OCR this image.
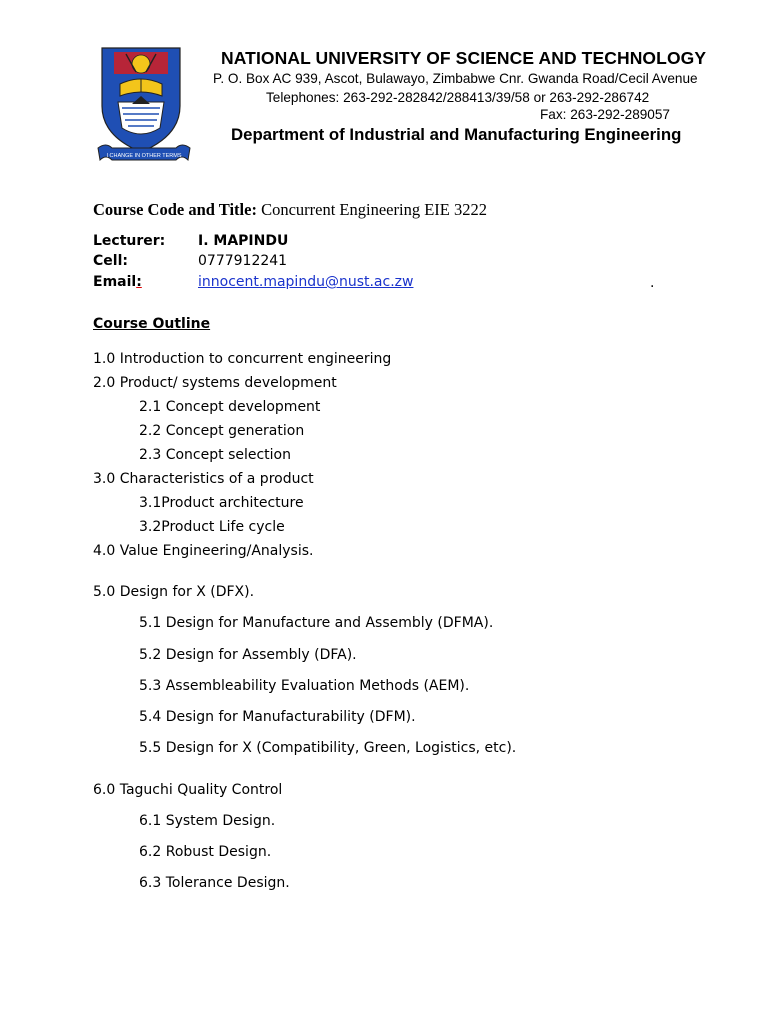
I CHANGE IN OTHER TERMS
NATIONAL UNIVERSITY OF SCIENCE AND TECHNOLOGY
P. O. Box AC 939, Ascot, Bulawayo, Zimbabwe Cnr. Gwanda Road/Cecil Avenue
Telephones: 263-292-282842/288413/39/58 or 263-292-286742
Fax: 263-292-289057
Department of Industrial and Manufacturing Engineering
Course Code and Title: Concurrent Engineering EIE 3222
Lecturer: I. MAPINDU
Cell:	0777912241
Email:	innocent.mapindu@nust.ac.zw	.
Course Outline
1.0 Introduction to concurrent engineering
2.0 Product/ systems development
2.1 Concept development
2.2 Concept generation
2.3 Concept selection
3.0 Characteristics of a product
3.1Product architecture
3.2Product Life cycle
4.0 Value Engineering/Analysis.
5.0 Design for X (DFX).
5.1 Design for Manufacture and Assembly (DFMA).
5.2 Design for Assembly (DFA).
5.3 Assembleability Evaluation Methods (AEM).
5.4 Design for Manufacturability (DFM).
5.5 Design for X (Compatibility, Green, Logistics, etc).
6.0 Taguchi Quality Control
6.1 System Design.
6.2 Robust Design.
6.3 Tolerance Design.
